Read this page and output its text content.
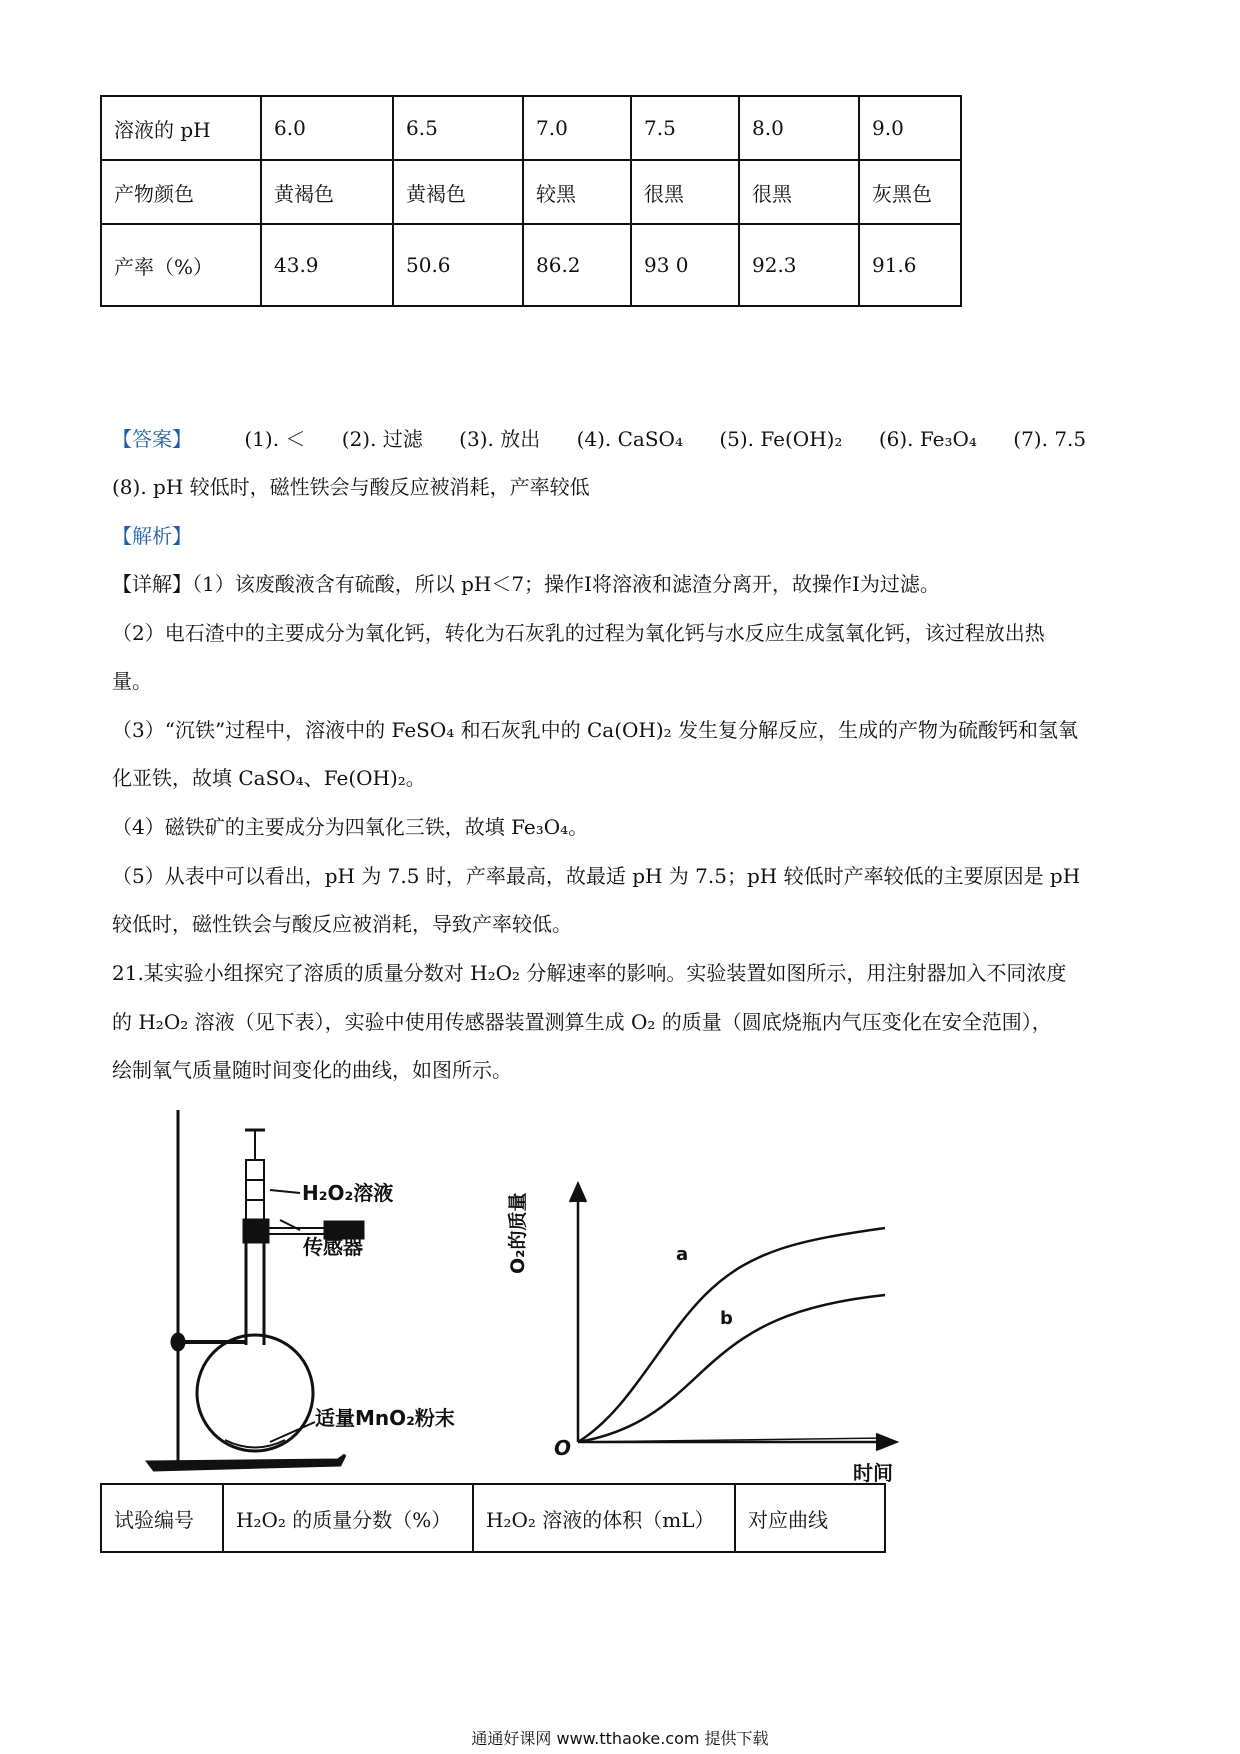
溶液的 pH	6.0	6.5	7.0	7.5	8.0	9.0
产物颜色	黄褐色	黄褐色	较黑	很黑	很黑	灰黑色
产率（%）	43.9	50.6	86.2	93 0	92.3	91.6
【答案】	(1). ＜ (2). 过滤 (3). 放出 (4). CaSO₄ (5). Fe(OH)₂ (6). Fe₃O₄ (7). 7.5
(8). pH 较低时，磁性铁会与酸反应被消耗，产率较低
【解析】
【详解】（1）该废酸液含有硫酸，所以 pH＜7；操作I将溶液和滤渣分离开，故操作I为过滤。
（2）电石渣中的主要成分为氧化钙，转化为石灰乳的过程为氧化钙与水反应生成氢氧化钙，该过程放出热
量。
（3）“沉铁”过程中，溶液中的 FeSO₄ 和石灰乳中的 Ca(OH)₂ 发生复分解反应，生成的产物为硫酸钙和氢氧
化亚铁，故填 CaSO₄、Fe(OH)₂。
（4）磁铁矿的主要成分为四氧化三铁，故填 Fe₃O₄。
（5）从表中可以看出，pH 为 7.5 时，产率最高，故最适 pH 为 7.5；pH 较低时产率较低的主要原因是 pH
较低时，磁性铁会与酸反应被消耗，导致产率较低。
21.某实验小组探究了溶质的质量分数对 H₂O₂ 分解速率的影响。实验装置如图所示，用注射器加入不同浓度
的 H₂O₂ 溶液（见下表），实验中使用传感器装置测算生成 O₂ 的质量（圆底烧瓶内气压变化在安全范围），
绘制氧气质量随时间变化的曲线，如图所示。
H₂O₂溶液
传感器
适量MnO₂粉末
O₂的质量
时间
O
a
b
试验编号	H₂O₂ 的质量分数（%）	H₂O₂ 溶液的体积（mL）	对应曲线
通通好课网 www.tthaoke.com 提供下载
